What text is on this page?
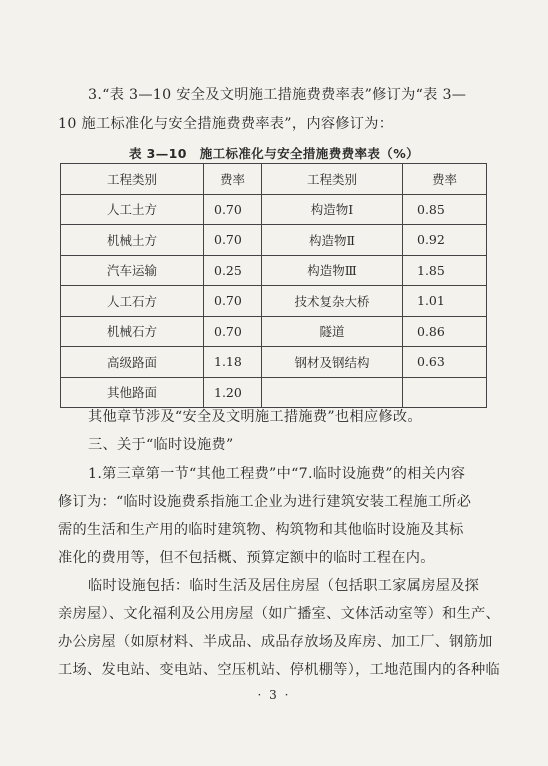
3.“表 3—10 安全及文明施工措施费费率表”修订为“表 3—
10 施工标准化与安全措施费费率表”，内容修订为：
表 3—10　施工标准化与安全措施费费率表（%）
工程类别	费率	工程类别	费率
人工土方	0.70	构造物Ⅰ	0.85
机械土方	0.70	构造物Ⅱ	0.92
汽车运输	0.25	构造物Ⅲ	1.85
人工石方	0.70	技术复杂大桥	1.01
机械石方	0.70	隧道	0.86
高级路面	1.18	钢材及钢结构	0.63
其他路面	1.20		
其他章节涉及“安全及文明施工措施费”也相应修改。
三、关于“临时设施费”
1.第三章第一节“其他工程费”中“7.临时设施费”的相关内容
修订为：“临时设施费系指施工企业为进行建筑安装工程施工所必
需的生活和生产用的临时建筑物、构筑物和其他临时设施及其标
准化的费用等，但不包括概、预算定额中的临时工程在内。
临时设施包括：临时生活及居住房屋（包括职工家属房屋及探
亲房屋）、文化福利及公用房屋（如广播室、文体活动室等）和生产、
办公房屋（如原材料、半成品、成品存放场及库房、加工厂、钢筋加
工场、发电站、变电站、空压机站、停机棚等），工地范围内的各种临
· 3 ·
